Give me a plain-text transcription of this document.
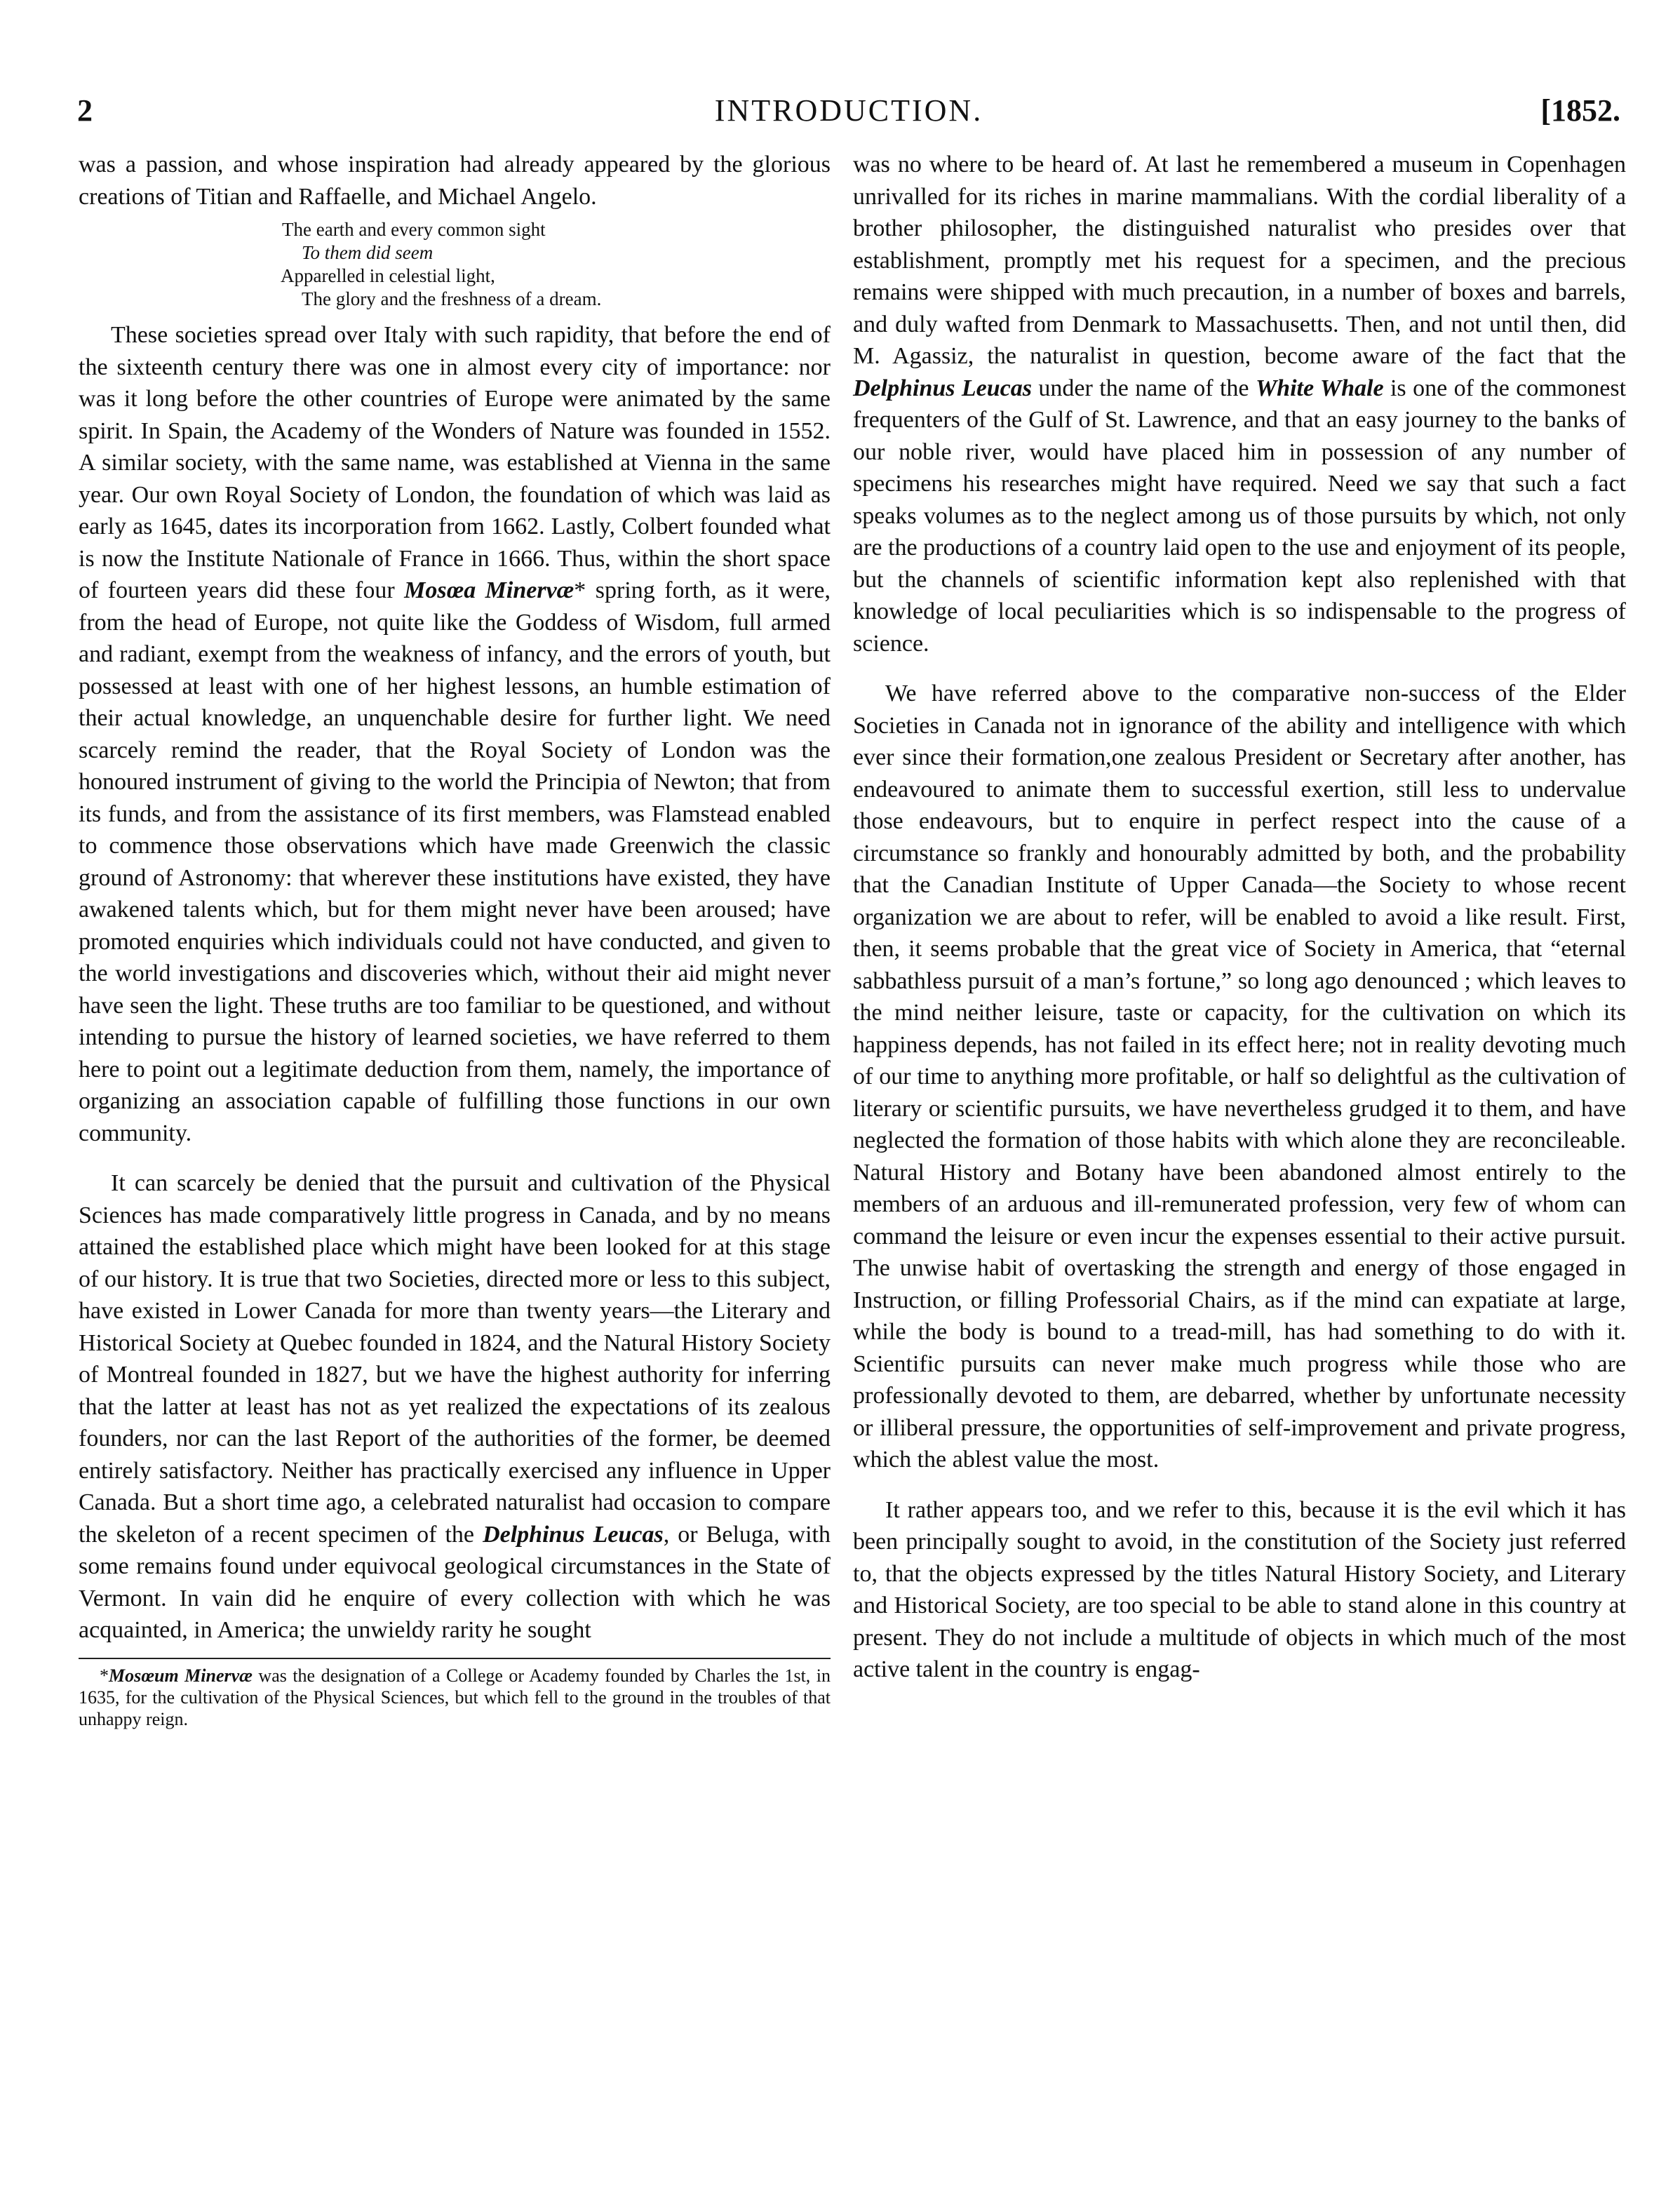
2	INTRODUCTION.	[1852.

was a passion, and whose inspiration had already appeared by the glorious creations of Titian and Raffaelle, and Michael Angelo.

The earth and every common sight
To them did seem
Apparelled in celestial light,
The glory and the freshness of a dream.

These societies spread over Italy with such rapidity, that before the end of the sixteenth century there was one in almost every city of importance: nor was it long before the other countries of Europe were animated by the same spirit. In Spain, the Academy of the Wonders of Nature was founded in 1552. A similar society, with the same name, was established at Vienna in the same year. Our own Royal Society of London, the foundation of which was laid as early as 1645, dates its incorporation from 1662. Lastly, Colbert founded what is now the Institute Nationale of France in 1666. Thus, within the short space of fourteen years did these four Mosœa Minervæ* spring forth, as it were, from the head of Europe, not quite like the Goddess of Wisdom, full armed and radiant, exempt from the weakness of infancy, and the errors of youth, but possessed at least with one of her highest lessons, an humble estimation of their actual knowledge, an unquenchable desire for further light. We need scarcely remind the reader, that the Royal Society of London was the honoured instrument of giving to the world the Principia of Newton; that from its funds, and from the assistance of its first members, was Flamstead enabled to commence those observations which have made Greenwich the classic ground of Astronomy: that wherever these institutions have existed, they have awakened talents which, but for them might never have been aroused; have promoted enquiries which individuals could not have conducted, and given to the world investigations and discoveries which, without their aid might never have seen the light. These truths are too familiar to be questioned, and without intending to pursue the history of learned societies, we have referred to them here to point out a legitimate deduction from them, namely, the importance of organizing an association capable of fulfilling those functions in our own community.

It can scarcely be denied that the pursuit and cultivation of the Physical Sciences has made comparatively little progress in Canada, and by no means attained the established place which might have been looked for at this stage of our history. It is true that two Societies, directed more or less to this subject, have existed in Lower Canada for more than twenty years—the Literary and Historical Society at Quebec founded in 1824, and the Natural History Society of Montreal founded in 1827, but we have the highest authority for inferring that the latter at least has not as yet realized the expectations of its zealous founders, nor can the last Report of the authorities of the former, be deemed entirely satisfactory. Neither has practically exercised any influence in Upper Canada. But a short time ago, a celebrated naturalist had occasion to compare the skeleton of a recent specimen of the Delphinus Leucas, or Beluga, with some remains found under equivocal geological circumstances in the State of Vermont. In vain did he enquire of every collection with which he was acquainted, in America; the unwieldy rarity he sought

*Mosœum Minervæ was the designation of a College or Academy founded by Charles the 1st, in 1635, for the cultivation of the Physical Sciences, but which fell to the ground in the troubles of that unhappy reign.

was no where to be heard of. At last he remembered a museum in Copenhagen unrivalled for its riches in marine mammalians. With the cordial liberality of a brother philosopher, the distinguished naturalist who presides over that establishment, promptly met his request for a specimen, and the precious remains were shipped with much precaution, in a number of boxes and barrels, and duly wafted from Denmark to Massachusetts. Then, and not until then, did M. Agassiz, the naturalist in question, become aware of the fact that the Delphinus Leucas under the name of the White Whale is one of the commonest frequenters of the Gulf of St. Lawrence, and that an easy journey to the banks of our noble river, would have placed him in possession of any number of specimens his researches might have required. Need we say that such a fact speaks volumes as to the neglect among us of those pursuits by which, not only are the productions of a country laid open to the use and enjoyment of its people, but the channels of scientific information kept also replenished with that knowledge of local peculiarities which is so indispensable to the progress of science.

We have referred above to the comparative non-success of the Elder Societies in Canada not in ignorance of the ability and intelligence with which ever since their formation,one zealous President or Secretary after another, has endeavoured to animate them to successful exertion, still less to undervalue those endeavours, but to enquire in perfect respect into the cause of a circumstance so frankly and honourably admitted by both, and the probability that the Canadian Institute of Upper Canada—the Society to whose recent organization we are about to refer, will be enabled to avoid a like result. First, then, it seems probable that the great vice of Society in America, that “eternal sabbathless pursuit of a man’s fortune,” so long ago denounced ; which leaves to the mind neither leisure, taste or capacity, for the cultivation on which its happiness depends, has not failed in its effect here; not in reality devoting much of our time to anything more profitable, or half so delightful as the cultivation of literary or scientific pursuits, we have nevertheless grudged it to them, and have neglected the formation of those habits with which alone they are reconcileable. Natural History and Botany have been abandoned almost entirely to the members of an arduous and ill-remunerated profession, very few of whom can command the leisure or even incur the expenses essential to their active pursuit. The unwise habit of overtasking the strength and energy of those engaged in Instruction, or filling Professorial Chairs, as if the mind can expatiate at large, while the body is bound to a tread-mill, has had something to do with it. Scientific pursuits can never make much progress while those who are professionally devoted to them, are debarred, whether by unfortunate necessity or illiberal pressure, the opportunities of self-improvement and private progress, which the ablest value the most.

It rather appears too, and we refer to this, because it is the evil which it has been principally sought to avoid, in the constitution of the Society just referred to, that the objects expressed by the titles Natural History Society, and Literary and Historical Society, are too special to be able to stand alone in this country at present. They do not include a multitude of objects in which much of the most active talent in the country is engag-
